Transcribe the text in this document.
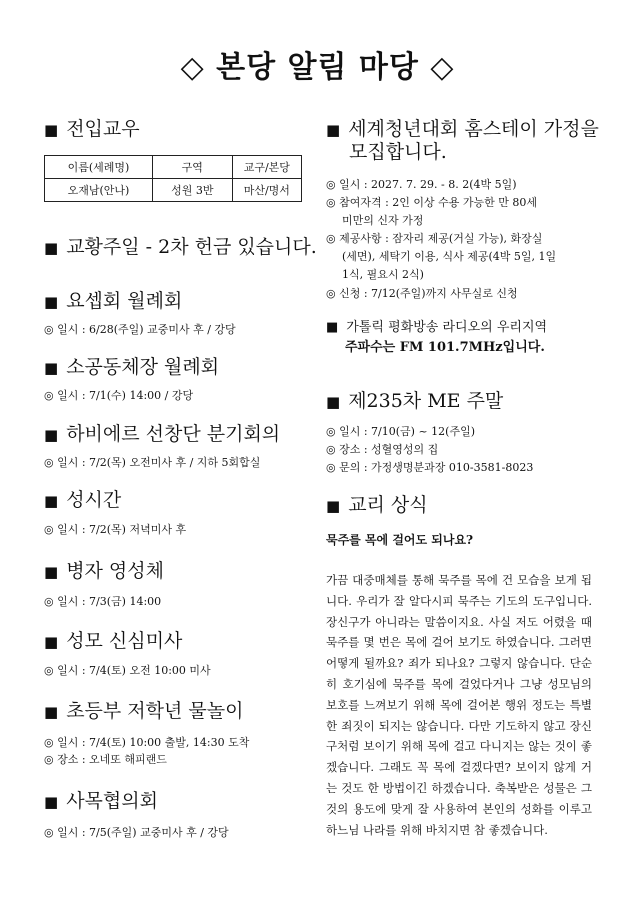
◇ 본당 알림 마당 ◇
■ 전입교우
이름(세례명)	구역	교구/본당
오재남(안나)	성원 3반	마산/명서
■ 교황주일 - 2차 헌금 있습니다.
■ 요셉회 월례회
◎ 일시 : 6/28(주일) 교중미사 후 / 강당
■ 소공동체장 월례회
◎ 일시 : 7/1(수) 14:00 / 강당
■ 하비에르 선창단 분기회의
◎ 일시 : 7/2(목) 오전미사 후 / 지하 5회합실
■ 성시간
◎ 일시 : 7/2(목) 저녁미사 후
■ 병자 영성체
◎ 일시 : 7/3(금) 14:00
■ 성모 신심미사
◎ 일시 : 7/4(토) 오전 10:00 미사
■ 초등부 저학년 물놀이
◎ 일시 : 7/4(토) 10:00 출발, 14:30 도착
◎ 장소 : 오네또 해피랜드
■ 사목협의회
◎ 일시 : 7/5(주일) 교중미사 후 / 강당
■ 세계청년대회 홈스테이 가정을
모집합니다.
◎ 일시 : 2027. 7. 29. - 8. 2(4박 5일)
◎ 참여자격 : 2인 이상 수용 가능한 만 80세
미만의 신자 가정
◎ 제공사항 : 잠자리 제공(거실 가능), 화장실
(세면), 세탁기 이용, 식사 제공(4박 5일, 1일
1식, 필요시 2식)
◎ 신청 : 7/12(주일)까지 사무실로 신청
■ 가톨릭 평화방송 라디오의 우리지역
주파수는 FM 101.7MHz입니다.
■ 제235차 ME 주말
◎ 일시 : 7/10(금) ~ 12(주일)
◎ 장소 : 성혈영성의 집
◎ 문의 : 가정생명분과장 010-3581-8023
■ 교리 상식
묵주를 목에 걸어도 되나요?
가끔 대중매체를 통해 묵주를 목에 건 모습을 보게 됩니다. 우리가 잘 알다시피 묵주는 기도의 도구입니다. 장신구가 아니라는 말씀이지요. 사실 저도 어렸을 때 묵주를 몇 번은 목에 걸어 보기도 하였습니다. 그러면 어떻게 될까요? 죄가 되나요? 그렇지 않습니다. 단순히 호기심에 묵주를 목에 걸었다거나 그냥 성모님의 보호를 느껴보기 위해 목에 걸어본 행위 정도는 특별한 죄짓이 되지는 않습니다. 다만 기도하지 않고 장신구처럼 보이기 위해 목에 걸고 다니지는 않는 것이 좋겠습니다. 그래도 꼭 목에 걸겠다면? 보이지 않게 거는 것도 한 방법이긴 하겠습니다. 축복받은 성물은 그것의 용도에 맞게 잘 사용하여 본인의 성화를 이루고 하느님 나라를 위해 바치지면 참 좋겠습니다.
